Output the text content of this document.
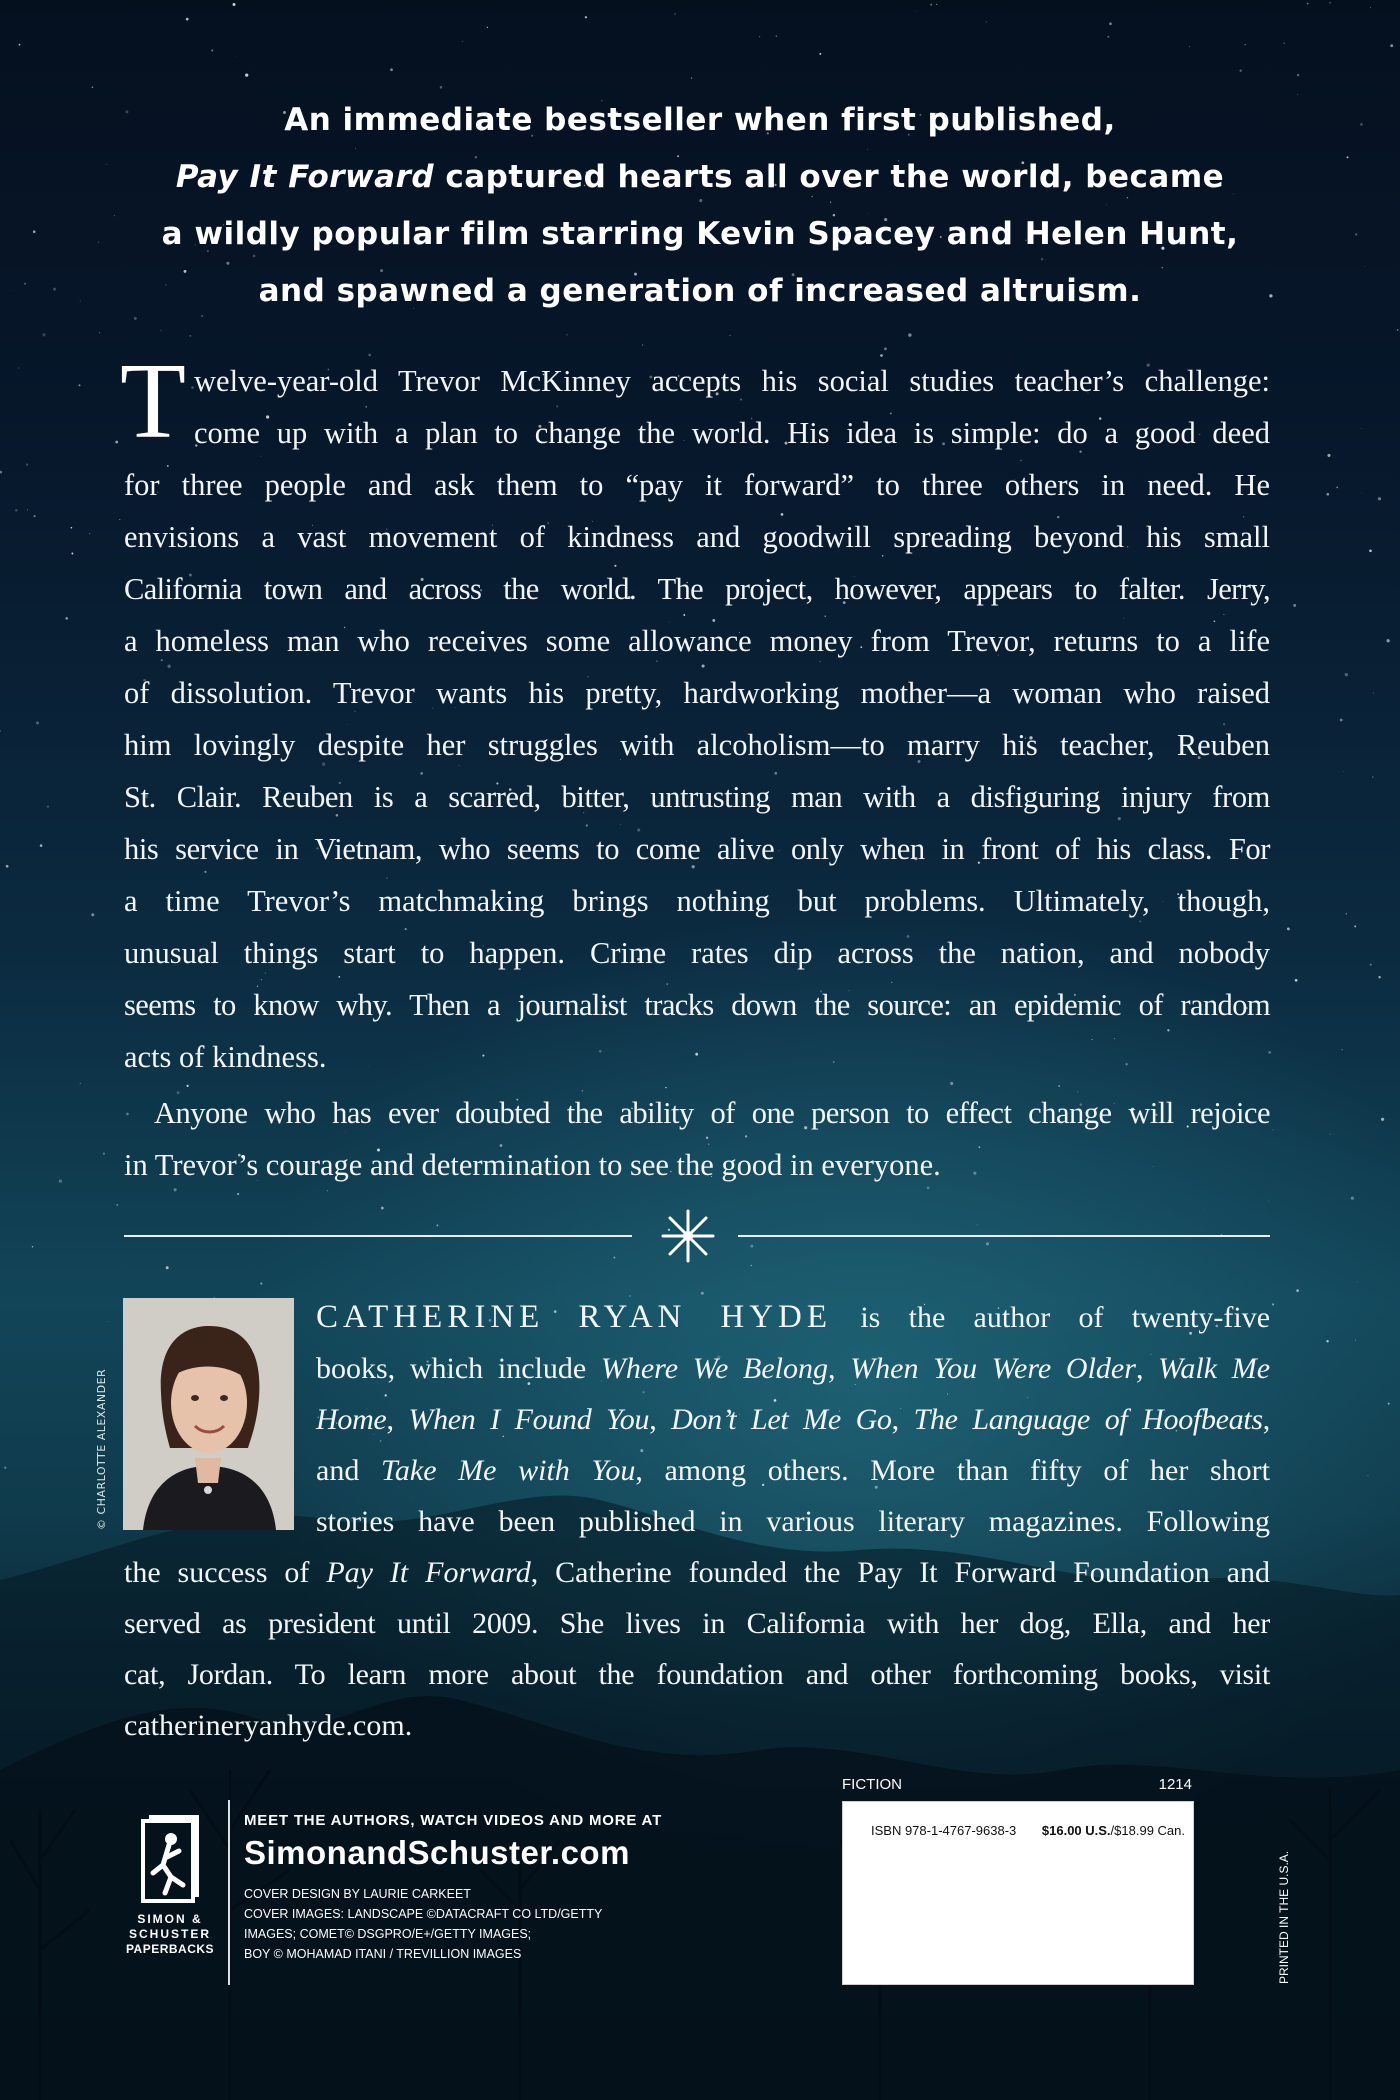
An immediate bestseller when first published,
Pay It Forward captured hearts all over the world, became
a wildly popular film starring Kevin Spacey and Helen Hunt,
and spawned a generation of increased altruism.
T welve-year-old Trevor McKinney accepts his social studies teacher’s challenge:
come up with a plan to change the world. His idea is simple: do a good deed
for three people and ask them to “pay it forward” to three others in need. He
envisions a vast movement of kindness and goodwill spreading beyond his small
California town and across the world. The project, however, appears to falter. Jerry,
a homeless man who receives some allowance money from Trevor, returns to a life
of dissolution. Trevor wants his pretty, hardworking mother—a woman who raised
him lovingly despite her struggles with alcoholism—to marry his teacher, Reuben
St. Clair. Reuben is a scarred, bitter, untrusting man with a disfiguring injury from
his service in Vietnam, who seems to come alive only when in front of his class. For
a time Trevor’s matchmaking brings nothing but problems. Ultimately, though,
unusual things start to happen. Crime rates dip across the nation, and nobody
seems to know why. Then a journalist tracks down the source: an epidemic of random
acts of kindness.
Anyone who has ever doubted the ability of one person to effect change will rejoice
in Trevor’s courage and determination to see the good in everyone.
© CHARLOTTE ALEXANDER
CATHERINE RYAN HYDE is the author of twenty-five
books, which include Where We Belong, When You Were Older, Walk Me
Home, When I Found You, Don’t Let Me Go, The Language of Hoofbeats,
and Take Me with You, among others. More than fifty of her short
stories have been published in various literary magazines. Following
the success of Pay It Forward, Catherine founded the Pay It Forward Foundation and
served as president until 2009. She lives in California with her dog, Ella, and her
cat, Jordan. To learn more about the foundation and other forthcoming books, visit
catherineryanhyde.com.
SIMON &
SCHUSTER
PAPERBACKS
MEET THE AUTHORS, WATCH VIDEOS AND MORE AT
SimonandSchuster.com
COVER DESIGN BY LAURIE CARKEET
COVER IMAGES: LANDSCAPE ©DATACRAFT CO LTD/GETTY
IMAGES; COMET© DSGPRO/E+/GETTY IMAGES;
BOY © MOHAMAD ITANI / TREVILLION IMAGES
FICTION	1214
ISBN 978-1-4767-9638-3 $16.00 U.S./$18.99 Can.
PRINTED IN THE U.S.A.
